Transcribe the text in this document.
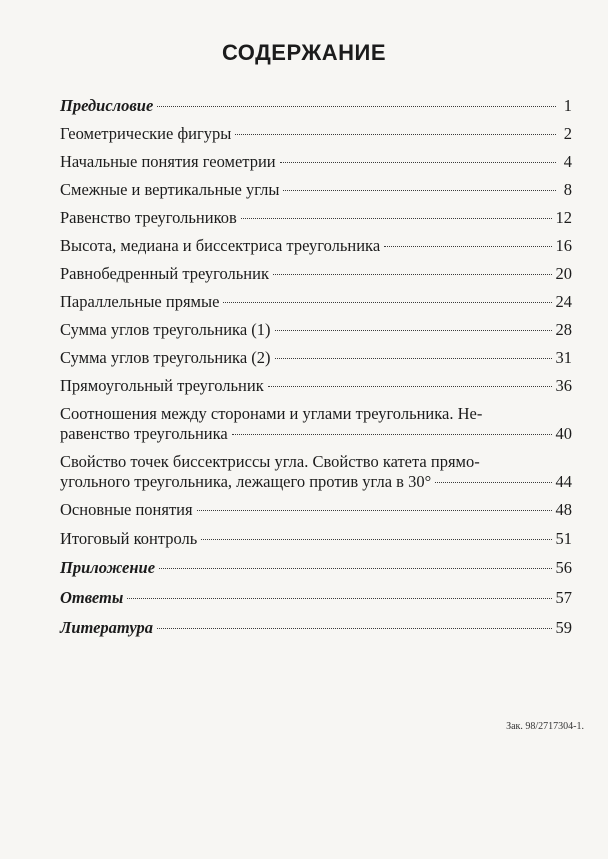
СОДЕРЖАНИЕ
Предисловие	1
Геометрические фигуры	2
Начальные понятия геометрии	4
Смежные и вертикальные углы	8
Равенство треугольников	12
Высота, медиана и биссектриса треугольника	16
Равнобедренный треугольник	20
Параллельные прямые	24
Сумма углов треугольника (1)	28
Сумма углов треугольника (2)	31
Прямоугольный треугольник	36
Соотношения между сторонами и углами треугольника. Не-
равенство треугольника	40
Свойство точек биссектриссы угла. Свойство катета прямо-
угольного треугольника, лежащего против угла в 30°	44
Основные понятия	48
Итоговый контроль	51
Приложение	56
Ответы	57
Литература	59
Зак. 98/2717304-1.
